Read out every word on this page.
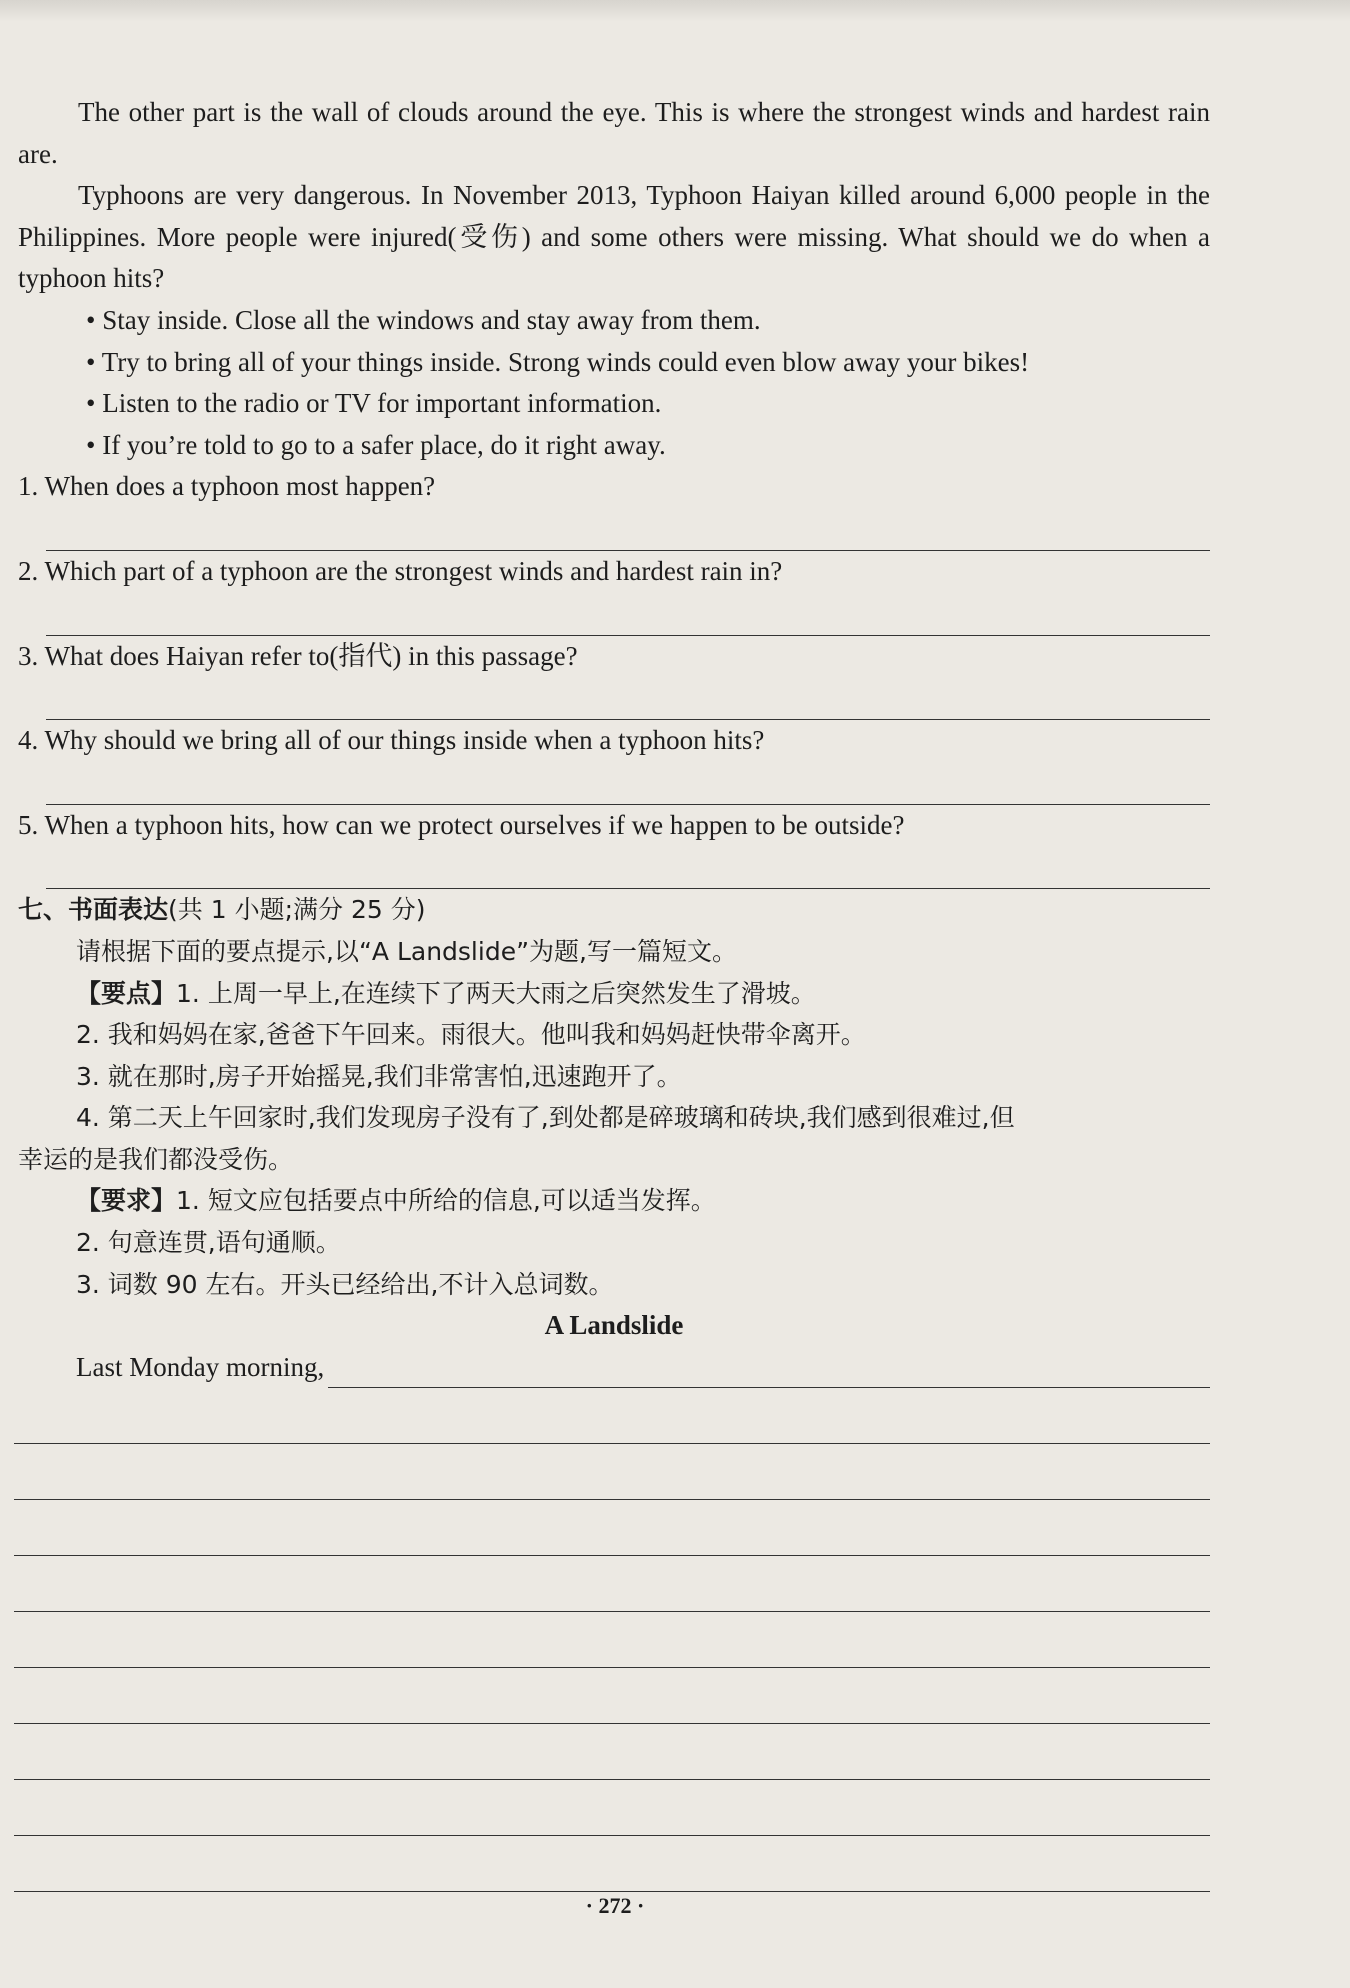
The other part is the wall of clouds around the eye. This is where the strongest winds and hardest rain are.

Typhoons are very dangerous. In November 2013, Typhoon Haiyan killed around 6,000 people in the Philippines. More people were injured(受伤) and some others were missing. What should we do when a typhoon hits?

• Stay inside. Close all the windows and stay away from them.

• Try to bring all of your things inside. Strong winds could even blow away your bikes!

• Listen to the radio or TV for important information.

• If you’re told to go to a safer place, do it right away.

1. When does a typhoon most happen?

2. Which part of a typhoon are the strongest winds and hardest rain in?

3. What does Haiyan refer to(指代) in this passage?

4. Why should we bring all of our things inside when a typhoon hits?

5. When a typhoon hits, how can we protect ourselves if we happen to be outside?

七、书面表达(共 1 小题;满分 25 分)

请根据下面的要点提示,以“A Landslide”为题,写一篇短文。

【要点】1. 上周一早上,在连续下了两天大雨之后突然发生了滑坡。

2. 我和妈妈在家,爸爸下午回来。雨很大。他叫我和妈妈赶快带伞离开。

3. 就在那时,房子开始摇晃,我们非常害怕,迅速跑开了。

4. 第二天上午回家时,我们发现房子没有了,到处都是碎玻璃和砖块,我们感到很难过,但

幸运的是我们都没受伤。

【要求】1. 短文应包括要点中所给的信息,可以适当发挥。

2. 句意连贯,语句通顺。

3. 词数 90 左右。开头已经给出,不计入总词数。

A Landslide

Last Monday morning,

· 272 ·
